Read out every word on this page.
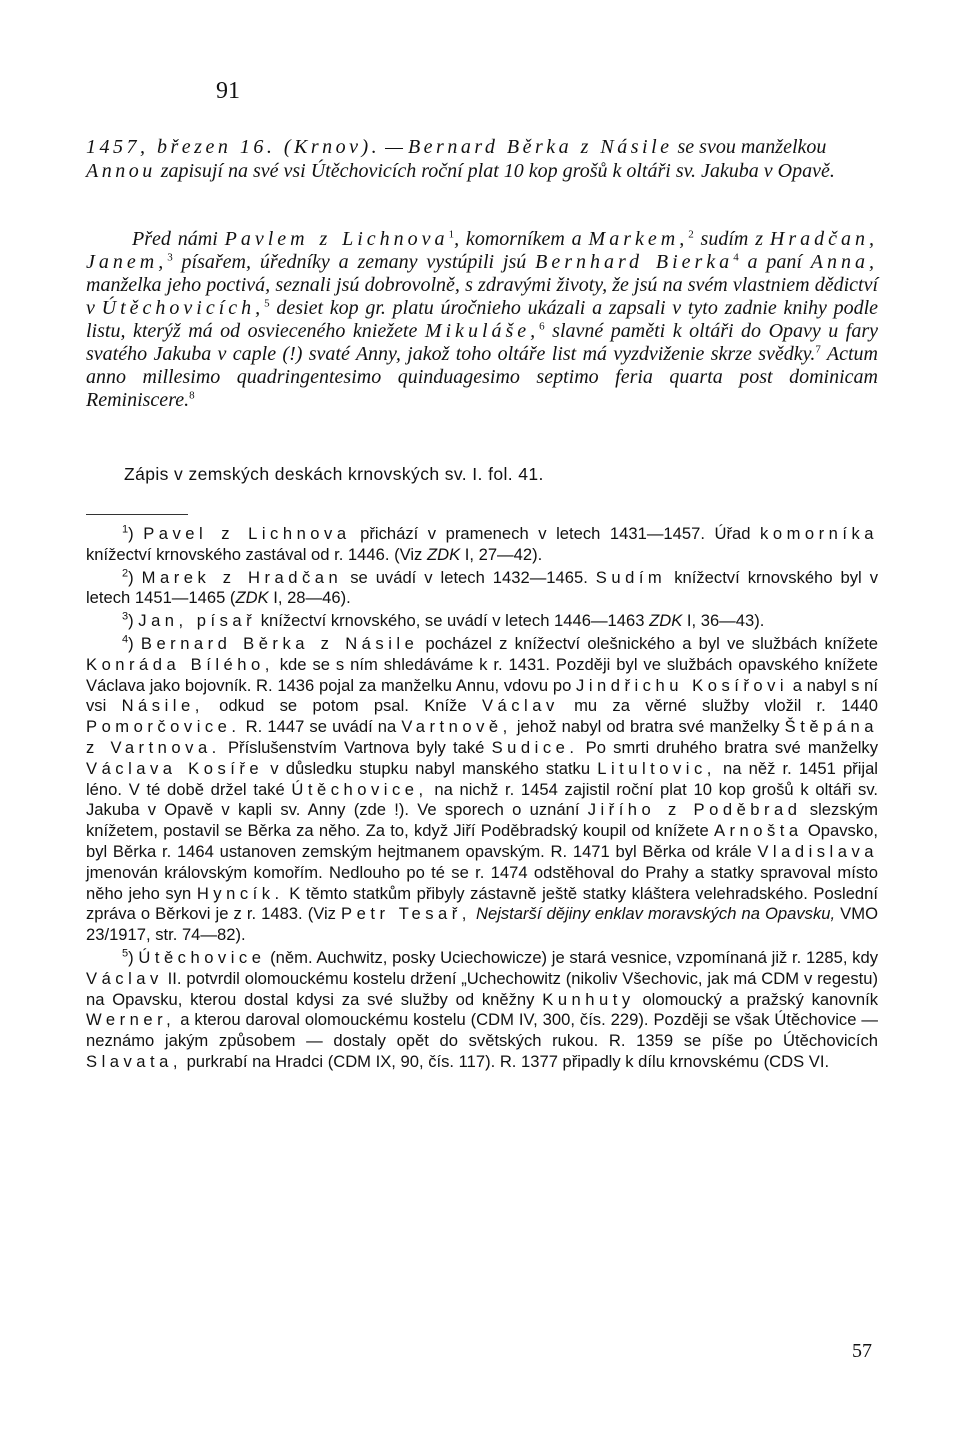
91
1457, březen 16. (Krnov). — Bernard Běrka z Násile se svou manželkou Annou zapisují na své vsi Útěchovicích roční plat 10 kop grošů k oltáři sv. Jakuba v Opavě.
Před námi Pavlem z Lichnova$^1$, komorníkem a Markem,$^2$ sudím z Hradčan, Janem,$^3$ písařem, úředníky a zemany vystúpili jsú Bernhard Bierka$^4$ a paní Anna, manželka jeho poctivá, seznali jsú dobrovolně, s zdravými životy, že jsú na svém vlastniem dědictví v Útěchovicích,$^5$ desiet kop gr. platu úročnieho ukázali a zapsali v tyto zadnie knihy podle listu, kterýž má od osvieceného kniežete Mikuláše,$^6$ slavné paměti k oltáři do Opavy u fary svatého Jakuba v caple (!) svaté Anny, jakož toho oltáře list má vyzdviženie skrze svědky.$^7$ Actum anno millesimo quadringentesimo quinduagesimo septimo feria quarta post dominicam Reminiscere.$^8$
Zápis v zemských deskách krnovských sv. I. fol. 41.

$^1$) Pavel z Lichnova přichází v pramenech v letech 1431—1457. Úřad komorníka knížectví krnovského zastával od r. 1446. (Viz ZDK I, 27—42).

$^2$) Marek z Hradčan se uvádí v letech 1432—1465. Sudím knížectví krnovského byl v letech 1451—1465 (ZDK I, 28—46).

$^3$) Jan, písař knížectví krnovského, se uvádí v letech 1446—1463 ZDK I, 36—43).

$^4$) Bernard Běrka z Násile pocházel z knížectví olešnického a byl ve službách knížete Konráda Bílého, kde se s ním shledáváme k r. 1431. Později byl ve službách opavského knížete Václava jako bojovník. R. 1436 pojal za manželku Annu, vdovu po Jindřichu Kosířovi a nabyl s ní vsi Násile, odkud se potom psal. Kníže Václav mu za věrné služby vložil r. 1440 Pomorčovice. R. 1447 se uvádí na Vartnově, jehož nabyl od bratra své manželky Štěpána z Vartnova. Příslušenstvím Vartnova byly také Sudice. Po smrti druhého bratra své manželky Václava Kosíře v důsledku stupku nabyl manského statku Litultovic, na něž r. 1451 přijal léno. V té době držel také Útěchovice, na nichž r. 1454 zajistil roční plat 10 kop grošů k oltáři sv. Jakuba v Opavě v kapli sv. Anny (zde !). Ve sporech o uznání Jiřího z Poděbrad slezským knížetem, postavil se Běrka za něho. Za to, když Jiří Poděbradský koupil od knížete Arnošta Opavsko, byl Běrka r. 1464 ustanoven zemským hejtmanem opavským. R. 1471 byl Běrka od krále Vladislava jmenován královským komořím. Nedlouho po té se r. 1474 odstěhoval do Prahy a statky spravoval místo něho jeho syn Hyncík. K těmto statkům přibyly zástavně ještě statky kláštera velehradského. Poslední zpráva o Běrkovi je z r. 1483. (Viz Petr Tesař, Nejstarší dějiny enklav moravských na Opavsku, VMO 23/1917, str. 74—82).

$^5$) Útěchovice (něm. Auchwitz, posky Uciechowicze) je stará vesnice, vzpomínaná již r. 1285, kdy Václav II. potvrdil olomouckému kostelu držení „Uchechowitz (nikoliv Všechovic, jak má CDM v regestu) na Opavsku, kterou dostal kdysi za své služby od kněžny Kunhuty olomoucký a pražský kanovník Werner, a kterou daroval olomouckému kostelu (CDM IV, 300, čís. 229). Později se však Útěchovice — neznámo jakým způsobem — dostaly opět do světských rukou. R. 1359 se píše po Útěchovicích Slavata, purkrabí na Hradci (CDM IX, 90, čís. 117). R. 1377 připadly k dílu krnovskému (CDS VI.

57
